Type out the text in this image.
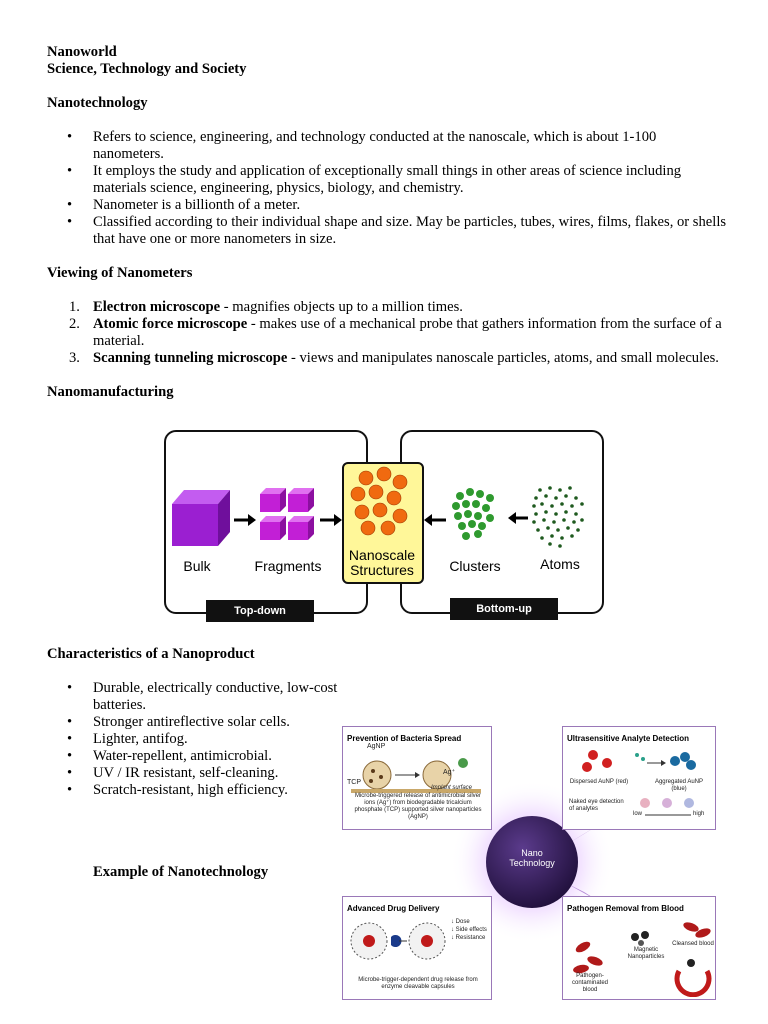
Nanoworld

Science, Technology and Society

Nanotechnology

• Refers to science, engineering, and technology conducted at the nanoscale, which is about 1-100 nanometers.
• It employs the study and application of exceptionally small things in other areas of science including materials science, engineering, physics, biology, and chemistry.
• Nanometer is a billionth of a meter.
• Classified according to their individual shape and size. May be particles, tubes, wires, films, flakes, or shells that have one or more nanometers in size.

Viewing of Nanometers

1. Electron microscope - magnifies objects up to a million times.
2. Atomic force microscope - makes use of a mechanical probe that gathers information from the surface of a material.
3. Scanning tunneling microscope - views and manipulates nanoscale particles, atoms, and small molecules.

Nanomanufacturing

Bulk	Fragments
Nanoscale
Structures	Clusters	Atoms
Top-down	Bottom-up

Characteristics of a Nanoproduct

• Durable, electrically conductive, low-cost batteries.
• Stronger antireflective solar cells.
• Lighter, antifog.
• Water-repellent, antimicrobial.
• UV / IR resistant, self-cleaning.
• Scratch-resistant, high efficiency.

Example of Nanotechnology

Nano
Technology
Prevention of Bacteria Spread
AgNP
TCP
Ag⁺
Implant surface
Microbe-triggered release of antimicrobial silver ions (Ag⁺) from biodegradable tricalcium phosphate (TCP) supported silver nanoparticles (AgNP)
Ultrasensitive Analyte Detection
Dispersed AuNP (red)	Aggregated AuNP (blue)
Naked eye detection of analytes
low	high
Advanced Drug Delivery
↓ Dose
↓ Side effects
↓ Resistance
Microbe-trigger-dependent drug release from enzyme cleavable capsules
Pathogen Removal from Blood
Magnetic Nanoparticles
Cleansed blood
Pathogen-contaminated blood
